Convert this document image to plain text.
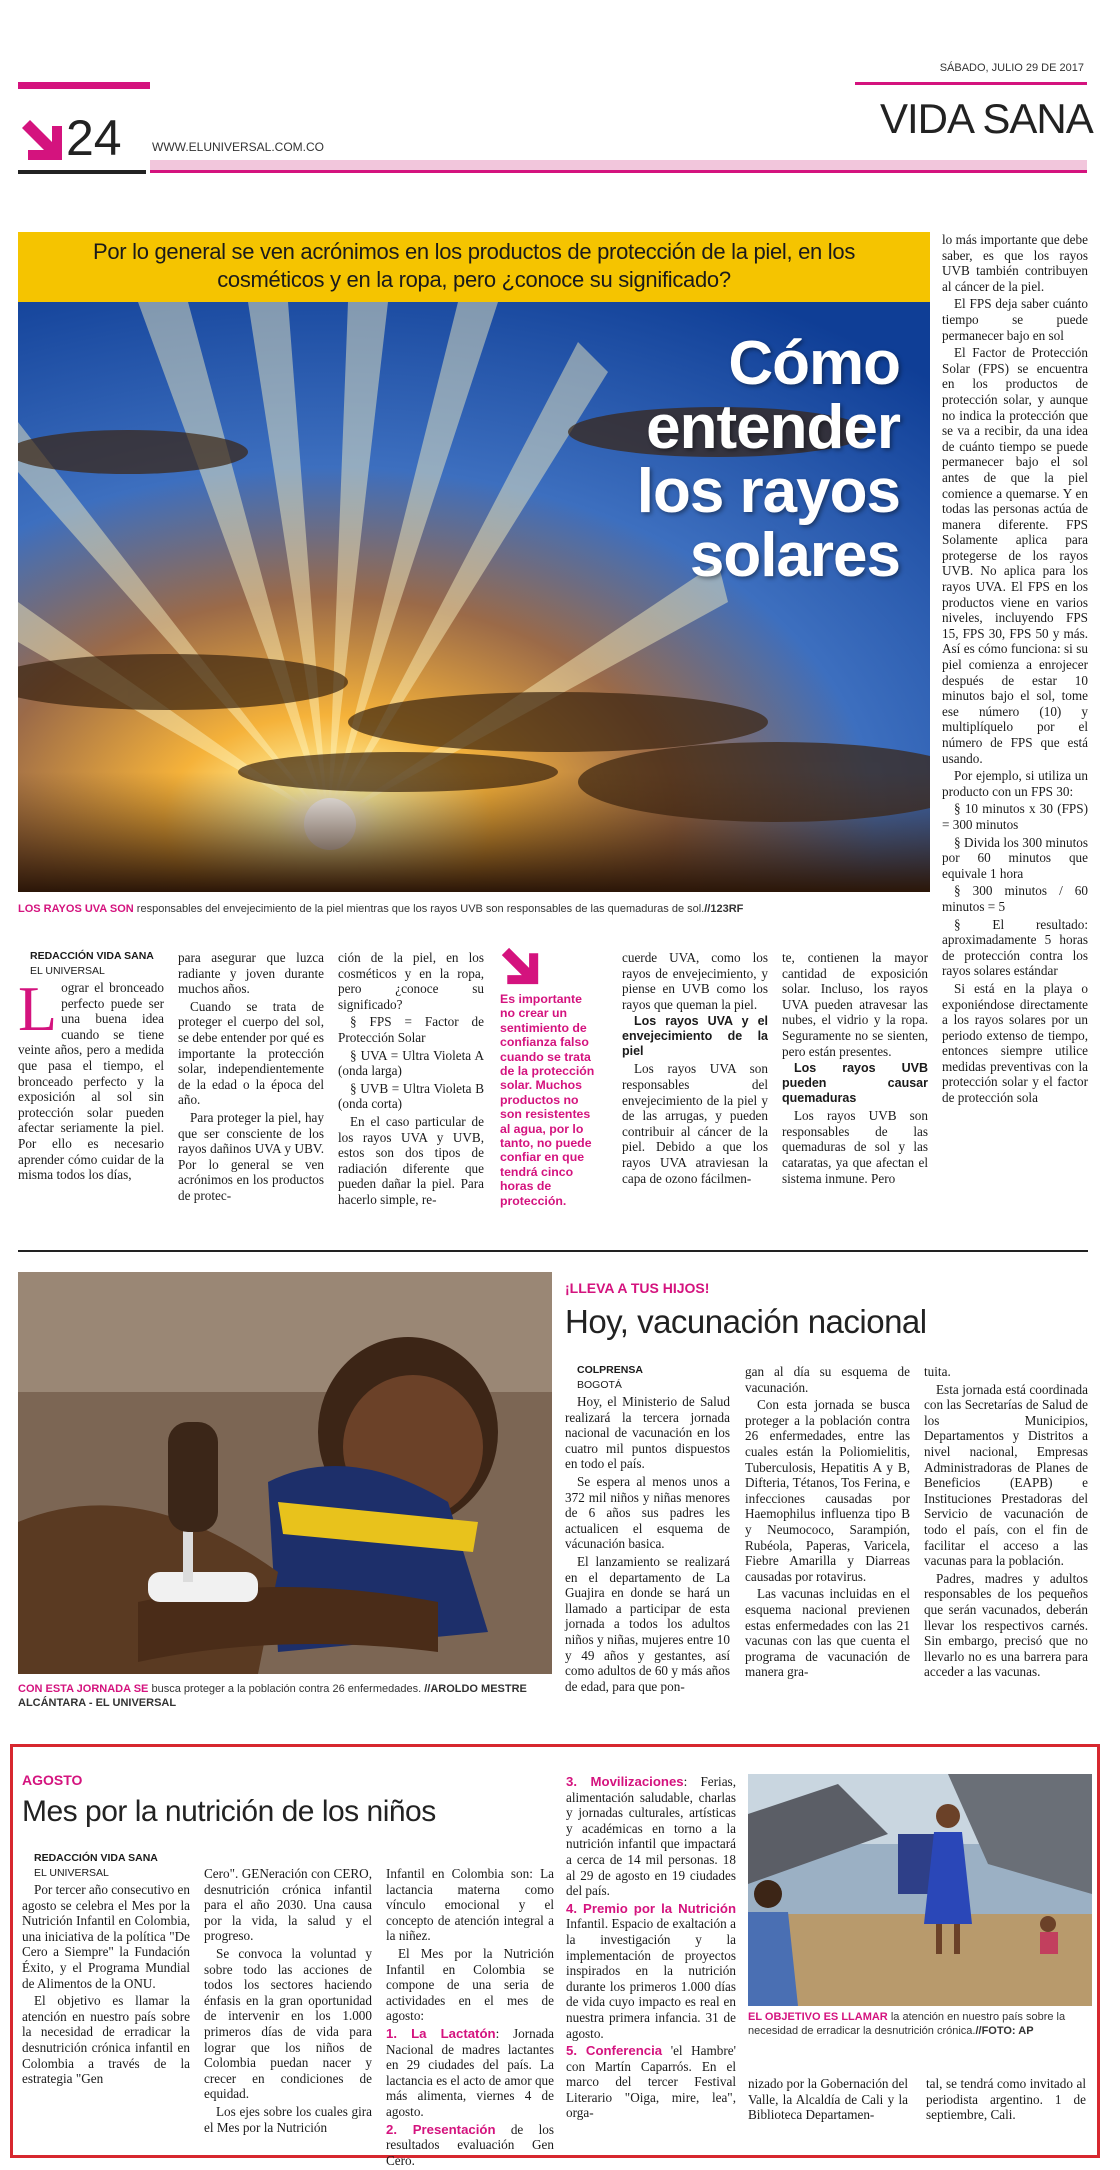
SÁBADO, JULIO 29 DE 2017
24	WWW.ELUNIVERSAL.COM.CO
VIDA SANA
Por lo general se ven acrónimos en los productos de protección de la piel, en los cosméticos y en la ropa, pero ¿conoce su significado?
Cómo
entender
los rayos
solares
LOS RAYOS UVA SON responsables del envejecimiento de la piel mientras que los rayos UVB son responsables de las quemaduras de sol.//123RF

REDACCIÓN VIDA SANA

EL UNIVERSAL

Lograr el bronceado perfecto puede ser una buena idea cuando se tiene veinte años, pero a medida que pasa el tiempo, el bronceado perfecto y la exposición al sol sin protección solar pueden afectar seriamente la piel. Por ello es necesario aprender cómo cuidar de la misma todos los días,

para asegurar que luzca radiante y joven durante muchos años.

Cuando se trata de proteger el cuerpo del sol, se debe entender por qué es importante la protección solar, independientemente de la edad o la época del año.

Para proteger la piel, hay que ser consciente de los rayos dañinos UVA y UBV. Por lo general se ven acrónimos en los productos de protec-

ción de la piel, en los cosméticos y en la ropa, pero ¿conoce su significado?

§ FPS = Factor de Protección Solar

§ UVA = Ultra Violeta A (onda larga)

§ UVB = Ultra Violeta B (onda corta)

En el caso particular de los rayos UVA y UVB, estos son dos tipos de radiación diferente que pueden dañar la piel. Para hacerlo simple, re-

Es importante no crear un sentimiento de confianza falso cuando se trata de la protección solar. Muchos productos no son resistentes al agua, por lo tanto, no puede confiar en que tendrá cinco horas de protección.

cuerde UVA, como los rayos de envejecimiento, y piense en UVB como los rayos que queman la piel.

Los rayos UVA y el envejecimiento de la piel

Los rayos UVA son responsables del envejecimiento de la piel y de las arrugas, y pueden contribuir al cáncer de la piel. Debido a que los rayos UVA atraviesan la capa de ozono fácilmen-

te, contienen la mayor cantidad de exposición solar. Incluso, los rayos UVA pueden atravesar las nubes, el vidrio y la ropa. Seguramente no se sienten, pero están presentes.

Los rayos UVB pueden causar quemaduras

Los rayos UVB son responsables de las quemaduras de sol y las cataratas, ya que afectan el sistema inmune. Pero

lo más importante que debe saber, es que los rayos UVB también contribuyen al cáncer de la piel.

El FPS deja saber cuánto tiempo se puede permanecer bajo en sol

El Factor de Protección Solar (FPS) se encuentra en los productos de protección solar, y aunque no indica la protección que se va a recibir, da una idea de cuánto tiempo se puede permanecer bajo el sol antes de que la piel comience a quemarse. Y en todas las personas actúa de manera diferente. FPS Solamente aplica para protegerse de los rayos UVB. No aplica para los rayos UVA. El FPS en los productos viene en varios niveles, incluyendo FPS 15, FPS 30, FPS 50 y más. Así es cómo funciona: si su piel comienza a enrojecer después de estar 10 minutos bajo el sol, tome ese número (10) y multiplíquelo por el número de FPS que está usando.

Por ejemplo, si utiliza un producto con un FPS 30:

§ 10 minutos x 30 (FPS) = 300 minutos

§ Divida los 300 minutos por 60 minutos que equivale 1 hora

§ 300 minutos / 60 minutos = 5

§ El resultado: aproximadamente 5 horas de protección contra los rayos solares estándar

Si está en la playa o exponiéndose directamente a los rayos solares por un periodo extenso de tiempo, entonces siempre utilice medidas preventivas con la protección solar y el factor de protección sola

CON ESTA JORNADA SE busca proteger a la población contra 26 enfermedades. //AROLDO MESTRE ALCÁNTARA - EL UNIVERSAL
¡LLEVA A TUS HIJOS!
Hoy, vacunación nacional

COLPRENSA

BOGOTÁ

Hoy, el Ministerio de Salud realizará la tercera jornada nacional de vacunación en los cuatro mil puntos dispuestos en todo el país.

Se espera al menos unos a 372 mil niños y niñas menores de 6 años sus padres les actualicen el esquema de vácunación basica.

El lanzamiento se realizará en el departamento de La Guajira en donde se hará un llamado a participar de esta jornada a todos los adultos niños y niñas, mujeres entre 10 y 49 años y gestantes, así como adultos de 60 y más años de edad, para que pon-

gan al día su esquema de vacunación.

Con esta jornada se busca proteger a la población contra 26 enfermedades, entre las cuales están la Poliomielitis, Tuberculosis, Hepatitis A y B, Difteria, Tétanos, Tos Ferina, e infecciones causadas por Haemophilus influenza tipo B y Neumococo, Sarampión, Rubéola, Paperas, Varicela, Fiebre Amarilla y Diarreas causadas por rotavirus.

Las vacunas incluidas en el esquema nacional previenen estas enfermedades con las 21 vacunas con las que cuenta el programa de vacunación de manera gra-

tuita.

Esta jornada está coordinada con las Secretarías de Salud de los Municipios, Departamentos y Distritos a nivel nacional, Empresas Administradoras de Planes de Beneficios (EAPB) e Instituciones Prestadoras del Servicio de vacunación de todo el país, con el fin de facilitar el acceso a las vacunas para la población.

Padres, madres y adultos responsables de los pequeños que serán vacunados, deberán llevar los respectivos carnés. Sin embargo, precisó que no llevarlo no es una barrera para acceder a las vacunas.

AGOSTO
Mes por la nutrición de los niños

REDACCIÓN VIDA SANA

EL UNIVERSAL

Por tercer año consecutivo en agosto se celebra el Mes por la Nutrición Infantil en Colombia, una iniciativa de la política "De Cero a Siempre" la Fundación Éxito, y el Programa Mundial de Alimentos de la ONU.

El objetivo es llamar la atención en nuestro país sobre la necesidad de erradicar la desnutrición crónica infantil en Colombia a través de la estrategia "Gen

Cero". GENeración con CERO, desnutrición crónica infantil para el año 2030. Una causa por la vida, la salud y el progreso.

Se convoca la voluntad y sobre todo las acciones de todos los sectores haciendo énfasis en la gran oportunidad de intervenir en los 1.000 primeros días de vida para lograr que los niños de Colombia puedan nacer y crecer en condiciones de equidad.

Los ejes sobre los cuales gira el Mes por la Nutrición

Infantil en Colombia son: La lactancia materna como vínculo emocional y el concepto de atención integral a la niñez.

El Mes por la Nutrición Infantil en Colombia se compone de una seria de actividades en el mes de agosto:

1. La Lactatón: Jornada Nacional de madres lactantes en 29 ciudades del país. La lactancia es el acto de amor que más alimenta, viernes 4 de agosto.

2. Presentación de los resultados evaluación Gen Cero.

3. Movilizaciones: Ferias, alimentación saludable, charlas y jornadas culturales, artísticas y académicas en torno a la nutrición infantil que impactará a cerca de 14 mil personas. 18 al 29 de agosto en 19 ciudades del país.

4. Premio por la Nutrición Infantil. Espacio de exaltación a la investigación y la implementación de proyectos inspirados en la nutrición durante los primeros 1.000 días de vida cuyo impacto es real en nuestra primera infancia. 31 de agosto.

5. Conferencia 'el Hambre' con Martín Caparrós. En el marco del tercer Festival Literario "Oiga, mire, lea", orga-

EL OBJETIVO ES LLAMAR la atención en nuestro país sobre la necesidad de erradicar la desnutrición crónica.//FOTO: AP

nizado por la Gobernación del Valle, la Alcaldía de Cali y la Biblioteca Departamen-

tal, se tendrá como invitado al periodista argentino. 1 de septiembre, Cali.
